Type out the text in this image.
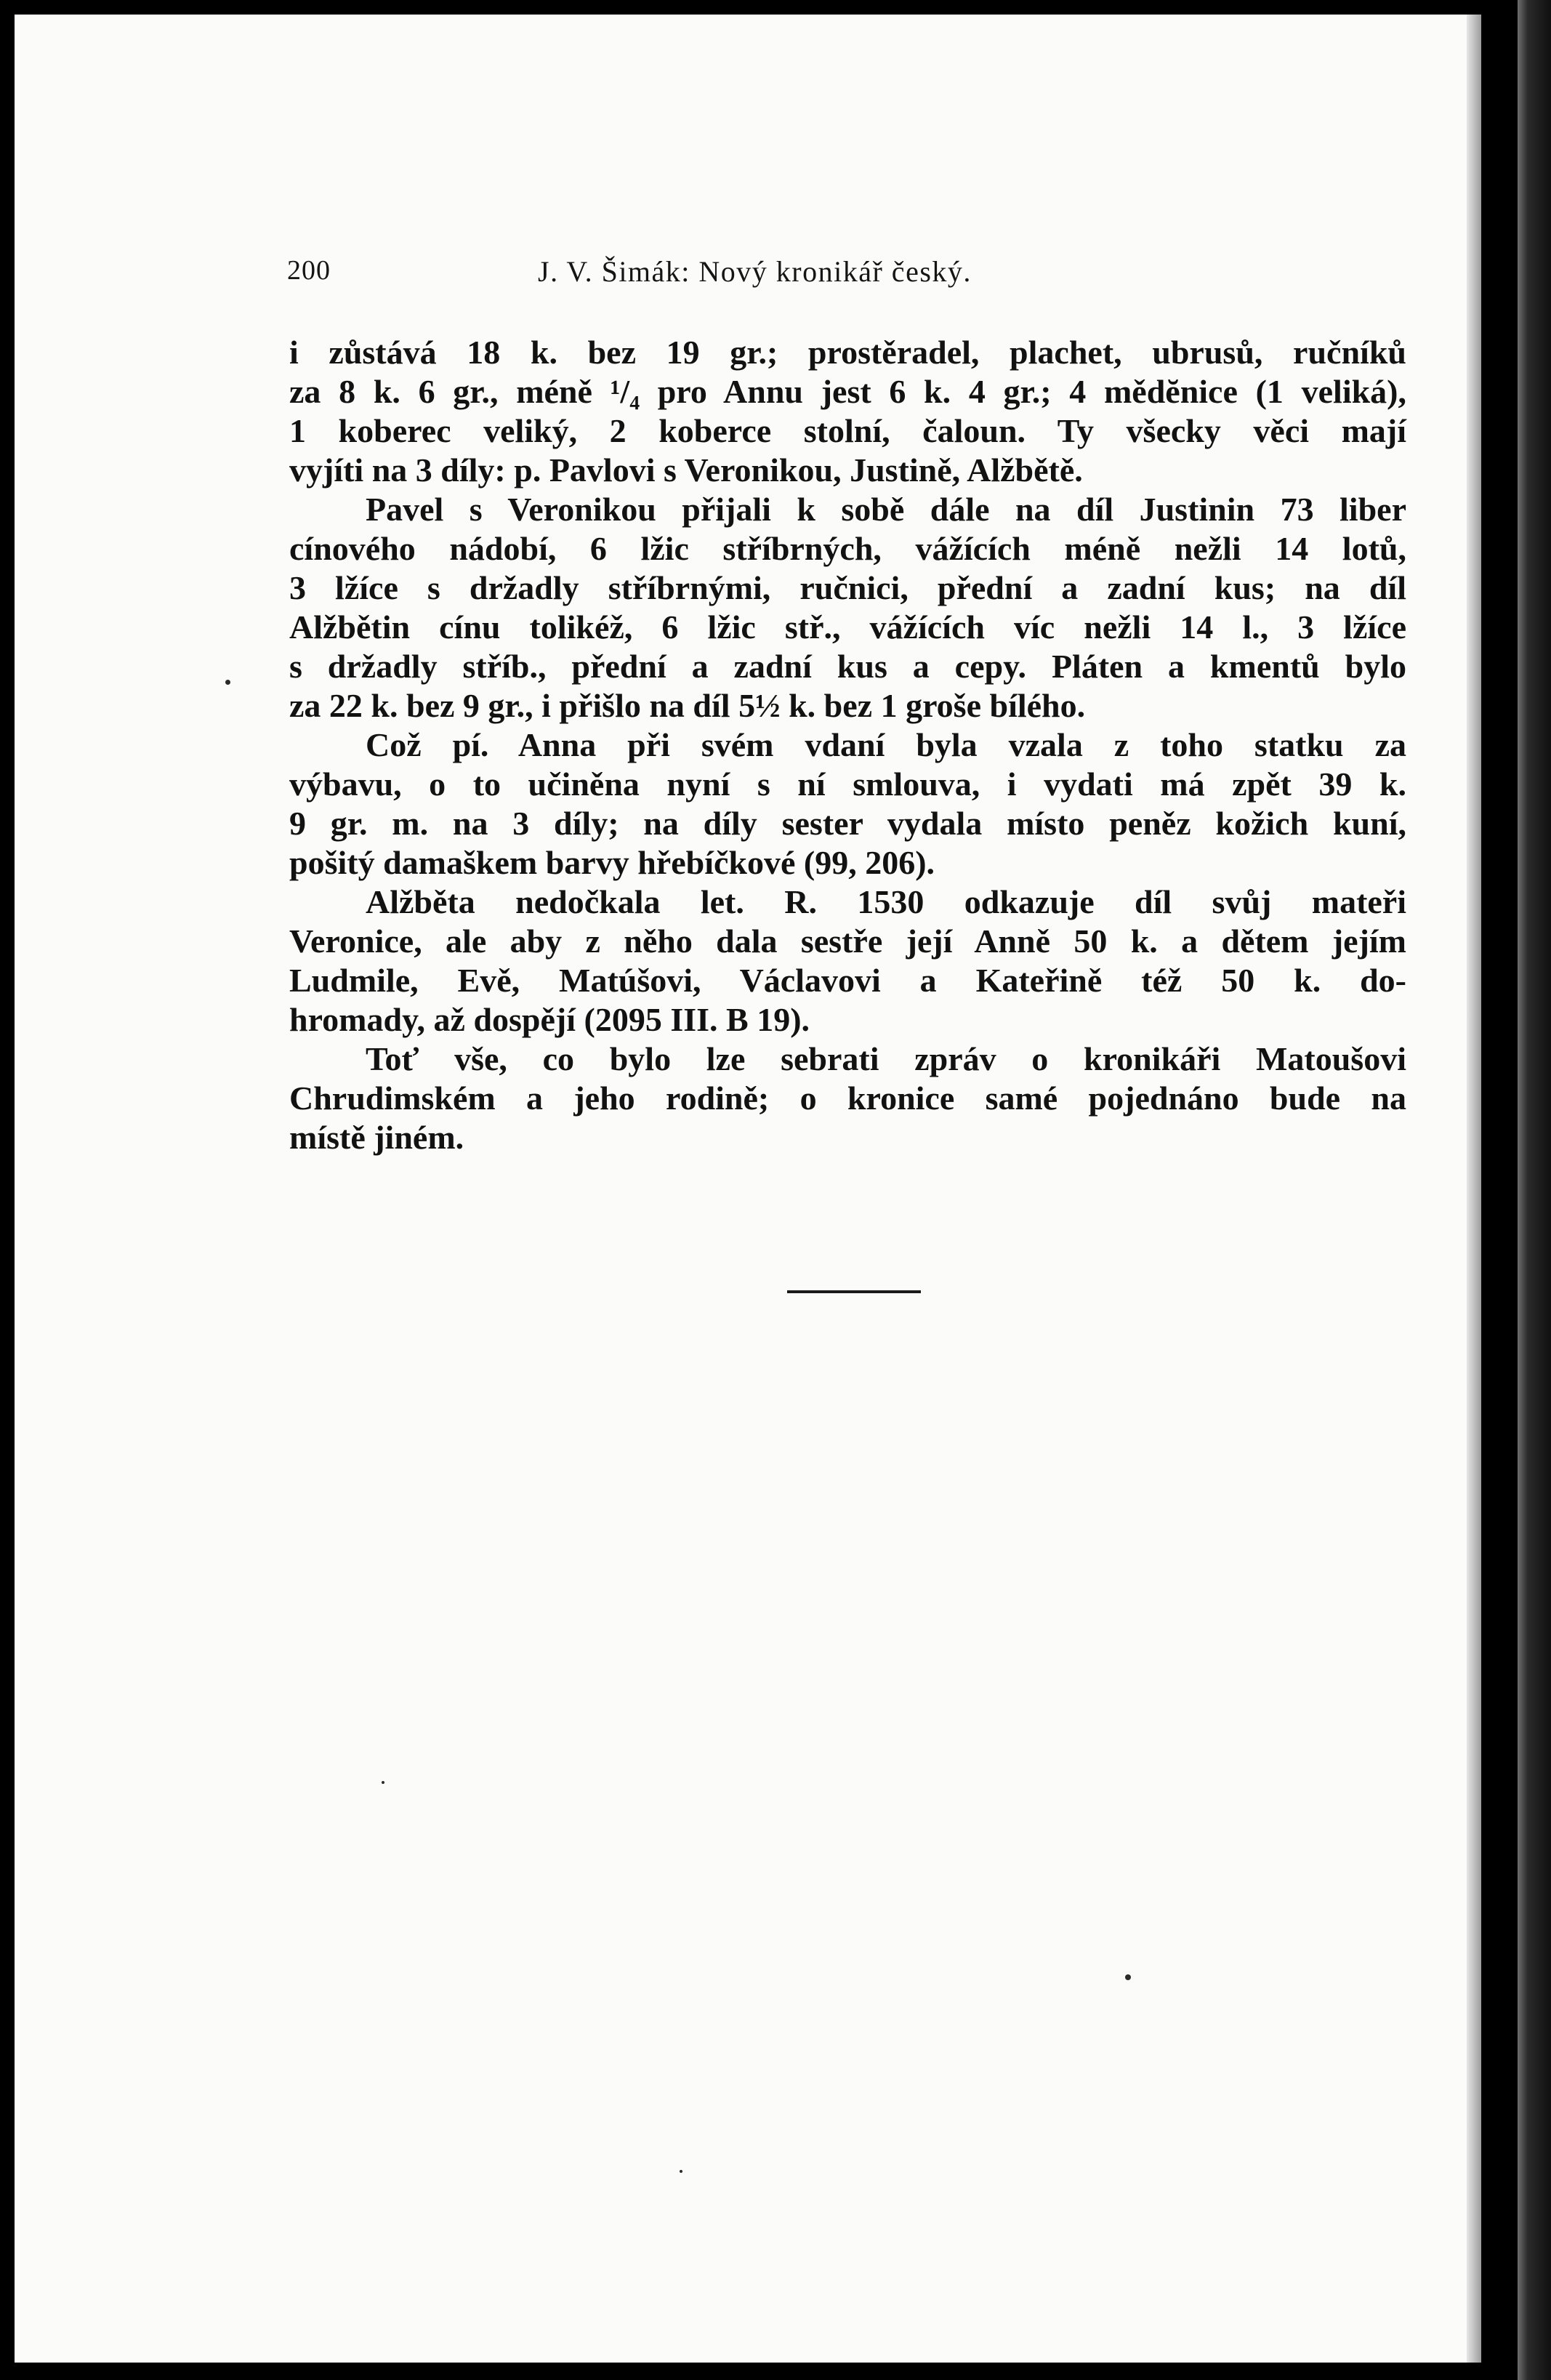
200	J. V. Šimák: Nový kronikář český.
i zůstává 18 k. bez 19 gr.; prostěradel, plachet, ubrusů, ručníků
za 8 k. 6 gr., méně ¹/₄ pro Annu jest 6 k. 4 gr.; 4 mědĕnice (1 veliká),
1 koberec veliký, 2 koberce stolní, čaloun. Ty všecky věci mají
vyjíti na 3 díly: p. Pavlovi s Veronikou, Justině, Alžbětě.
Pavel s Veronikou přijali k sobě dále na díl Justinin 73 liber
cínového nádobí, 6 lžic stříbrných, vážících méně nežli 14 lotů,
3 lžíce s držadly stříbrnými, ručnici, přední a zadní kus; na díl
Alžbětin cínu tolikéž, 6 lžic stř., vážících víc nežli 14 l., 3 lžíce
s držadly stříb., přední a zadní kus a cepy. Pláten a kmentů bylo
za 22 k. bez 9 gr., i přišlo na díl 5½ k. bez 1 groše bílého.
Což pí. Anna při svém vdaní byla vzala z toho statku za
výbavu, o to učiněna nyní s ní smlouva, i vydati má zpět 39 k.
9 gr. m. na 3 díly; na díly sester vydala místo peněz kožich kuní,
pošitý damaškem barvy hřebíčkové (99, 206).
Alžběta nedočkala let. R. 1530 odkazuje díl svůj mateři
Veronice, ale aby z něho dala sestře její Anně 50 k. a dětem jejím
Ludmile, Evě, Matúšovi, Václavovi a Kateřině též 50 k. do-
hromady, až dospějí (2095 III. B 19).
Toť vše, co bylo lze sebrati zpráv o kronikáři Matoušovi
Chrudimském a jeho rodině; o kronice samé pojednáno bude na
místě jiném.
